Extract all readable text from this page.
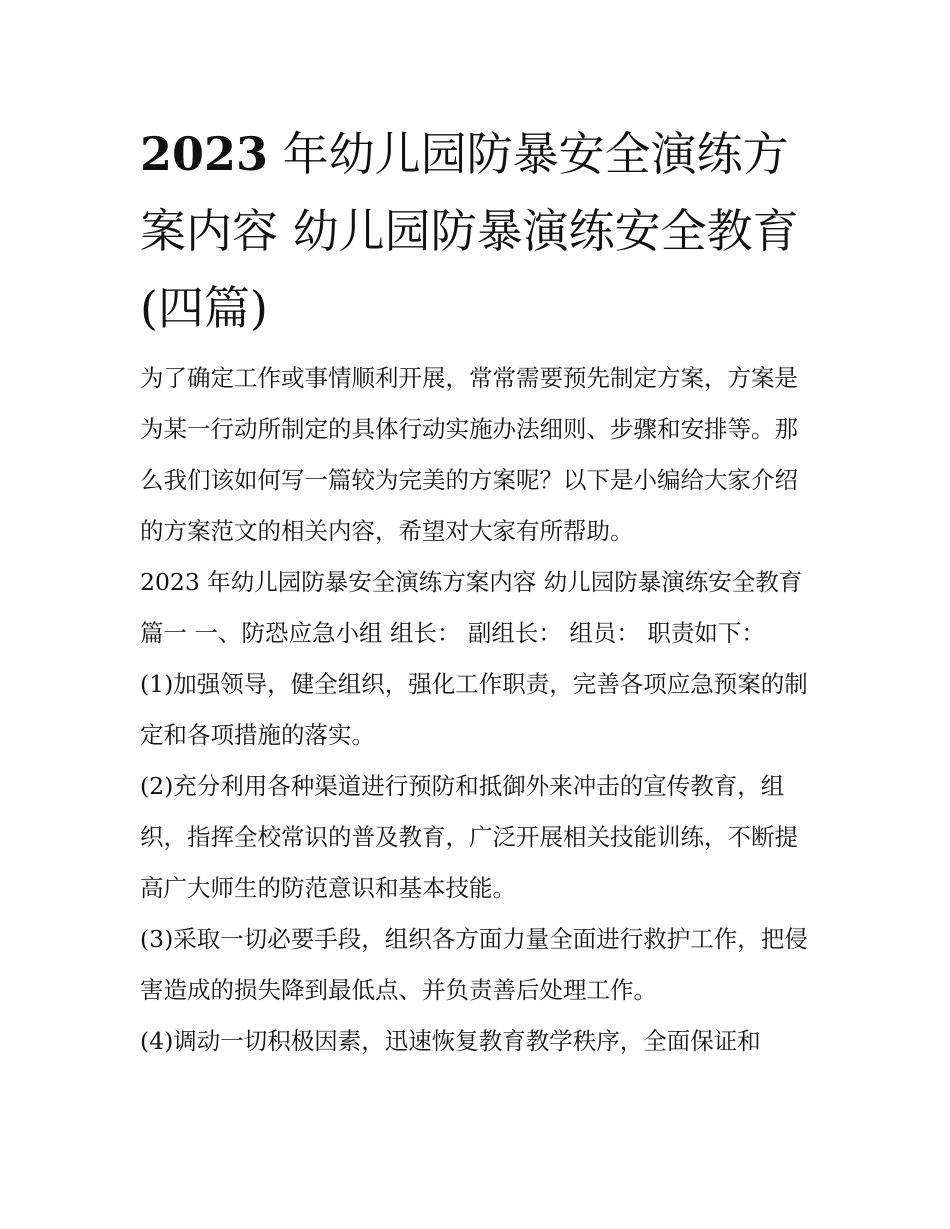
2023 年幼儿园防暴安全演练方案内容 幼儿园防暴演练安全教育(四篇)

为了确定工作或事情顺利开展，常常需要预先制定方案，方案是为某一行动所制定的具体行动实施办法细则、步骤和安排等。那么我们该如何写一篇较为完美的方案呢？以下是小编给大家介绍的方案范文的相关内容，希望对大家有所帮助。

2023 年幼儿园防暴安全演练方案内容 幼儿园防暴演练安全教育篇一 一、防恐应急小组 组长： 副组长： 组员： 职责如下：

(1)加强领导，健全组织，强化工作职责，完善各项应急预案的制定和各项措施的落实。

(2)充分利用各种渠道进行预防和抵御外来冲击的宣传教育，组织，指挥全校常识的普及教育，广泛开展相关技能训练，不断提高广大师生的防范意识和基本技能。

(3)采取一切必要手段，组织各方面力量全面进行救护工作，把侵害造成的损失降到最低点、并负责善后处理工作。

(4)调动一切积极因素，迅速恢复教育教学秩序，全面保证和
